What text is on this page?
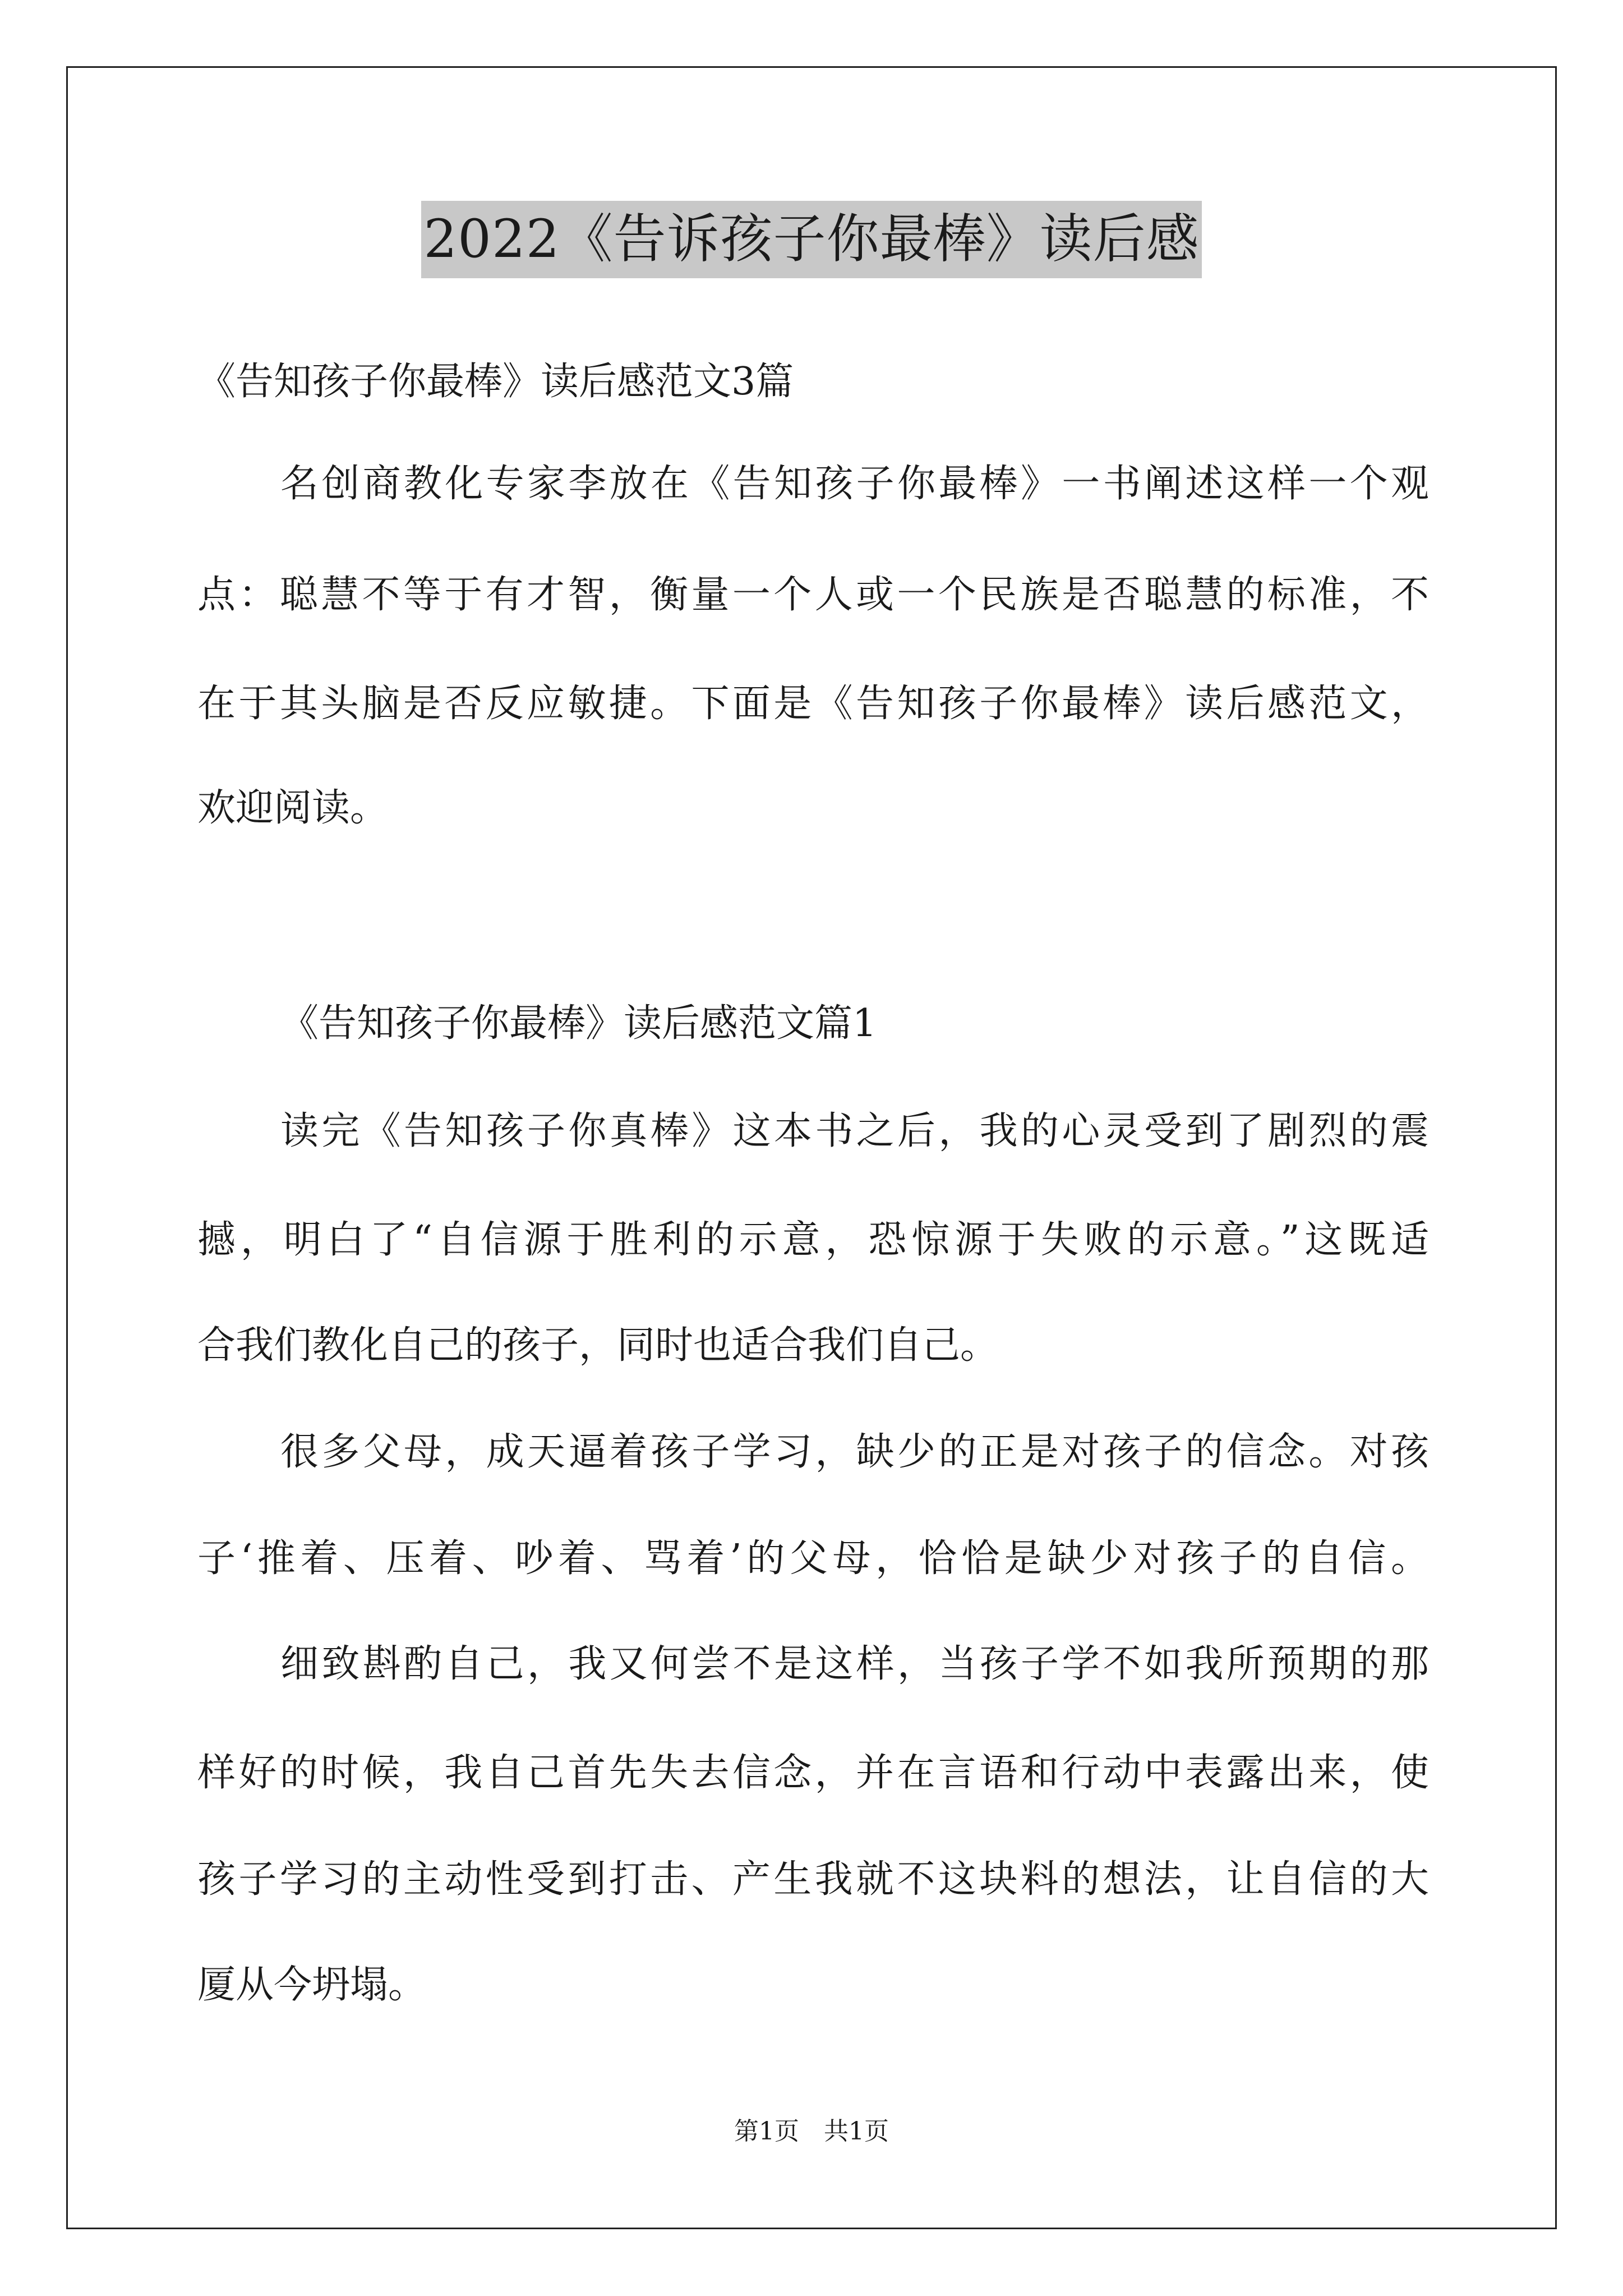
2022《告诉孩子你最棒》读后感
《告知孩子你最棒》读后感范文3篇
名创商教化专家李放在《告知孩子你最棒》一书阐述这样一个观
点：聪慧不等于有才智，衡量一个人或一个民族是否聪慧的标准，不
在于其头脑是否反应敏捷。下面是《告知孩子你最棒》读后感范文，
欢迎阅读。
《告知孩子你最棒》读后感范文篇1
读完《告知孩子你真棒》这本书之后，我的心灵受到了剧烈的震
撼，明白了“自信源于胜利的示意，恐惊源于失败的示意。”这既适
合我们教化自己的孩子，同时也适合我们自己。
很多父母，成天逼着孩子学习，缺少的正是对孩子的信念。对孩
子‘推着、压着、吵着、骂着’的父母，恰恰是缺少对孩子的自信。
细致斟酌自己，我又何尝不是这样，当孩子学不如我所预期的那
样好的时候，我自己首先失去信念，并在言语和行动中表露出来，使
孩子学习的主动性受到打击、产生我就不这块料的想法，让自信的大
厦从今坍塌。
第1页　共1页
